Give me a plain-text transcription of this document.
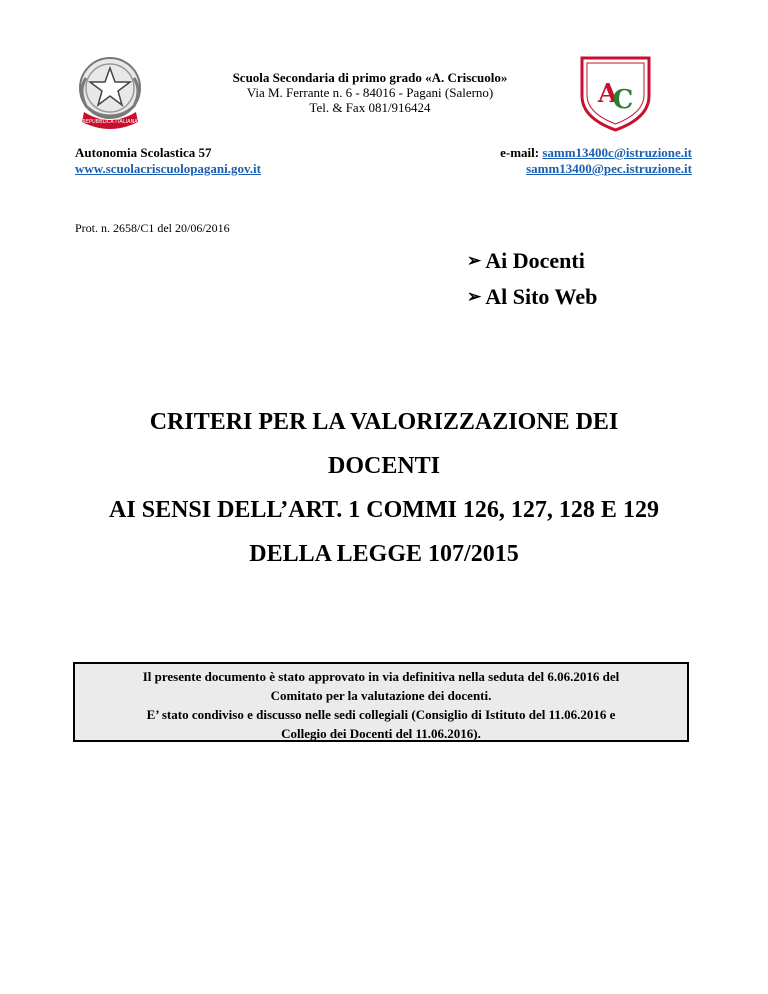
REPUBBLICA ITALIANA
A
C
Scuola Secondaria di primo grado «A. Criscuolo»
Via M. Ferrante n. 6 - 84016 - Pagani (Salerno)
Tel. & Fax 081/916424
Autonomia Scolastica 57
www.scuolacriscuolopagani.gov.it
e-mail: samm13400c@istruzione.it
samm13400@pec.istruzione.it
Prot. n. 2658/C1 del 20/06/2016
➢ Ai Docenti
➢ Al Sito Web
CRITERI PER LA VALORIZZAZIONE DEI
DOCENTI
AI SENSI DELL’ART. 1 COMMI 126, 127, 128 E 129
DELLA LEGGE 107/2015
Il presente documento è stato approvato in via definitiva nella seduta del 6.06.2016 del
Comitato per la valutazione dei docenti.
E’ stato condiviso e discusso nelle sedi collegiali (Consiglio di Istituto del 11.06.2016 e
Collegio dei Docenti del 11.06.2016).
